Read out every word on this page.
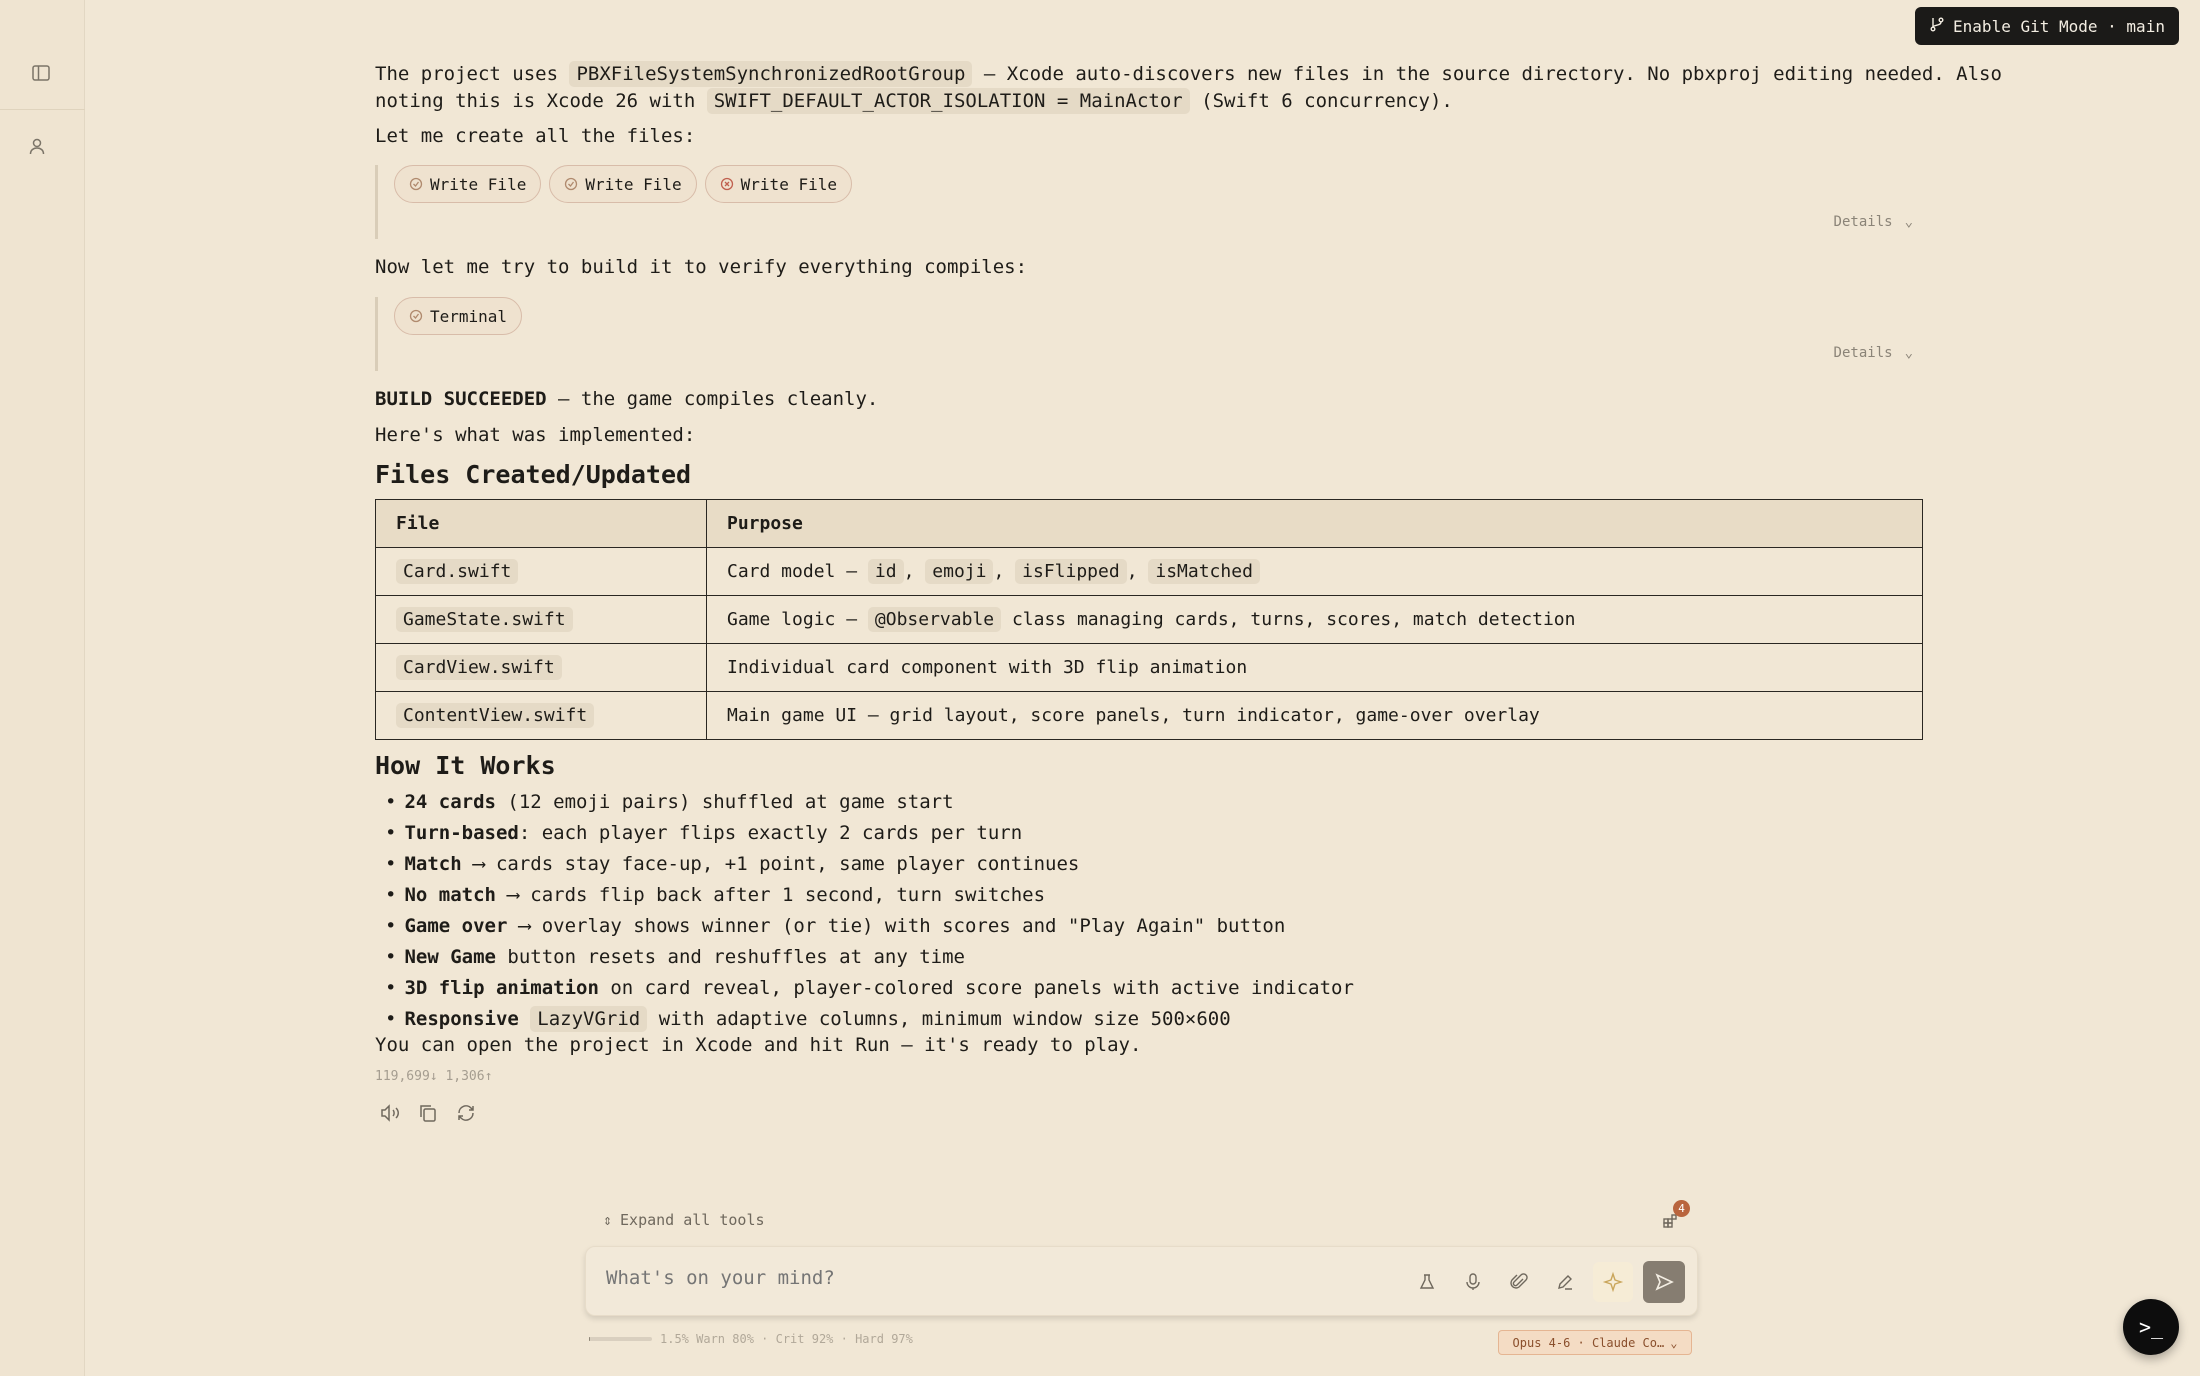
Enable Git Mode · main
The project uses PBXFileSystemSynchronizedRootGroup — Xcode auto-discovers new files in the source directory. No pbxproj editing needed. Also
noting this is Xcode 26 with SWIFT_DEFAULT_ACTOR_ISOLATION = MainActor (Swift 6 concurrency).
Let me create all the files:
Write File	Write File	Write File
Details ⌄
Now let me try to build it to verify everything compiles:
Terminal
Details ⌄
BUILD SUCCEEDED — the game compiles cleanly.
Here's what was implemented:
Files Created/Updated
File	Purpose
Card.swift	Card model — id , emoji , isFlipped , isMatched
GameState.swift	Game logic — @Observable class managing cards, turns, scores, match detection
CardView.swift	Individual card component with 3D flip animation
ContentView.swift	Main game UI — grid layout, score panels, turn indicator, game-over overlay
How It Works
• 24 cards (12 emoji pairs) shuffled at game start
• Turn-based: each player flips exactly 2 cards per turn
• Match ⟶ cards stay face-up, +1 point, same player continues
• No match ⟶ cards flip back after 1 second, turn switches
• Game over ⟶ overlay shows winner (or tie) with scores and "Play Again" button
• New Game button resets and reshuffles at any time
• 3D flip animation on card reveal, player-colored score panels with active indicator
• Responsive LazyVGrid with adaptive columns, minimum window size 500×600
You can open the project in Xcode and hit Run — it's ready to play.
119,699↓ 1,306↑
⇕ Expand all tools
4
What's on your mind?
1.5% Warn 80% · Crit 92% · Hard 97%	Opus 4-6 · Claude Co… ⌄
>_
